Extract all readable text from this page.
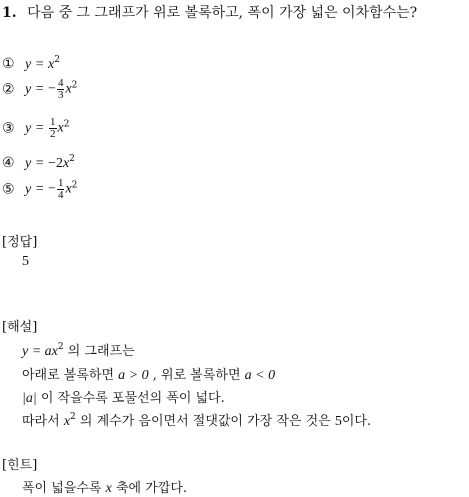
1. 다음 중 그 그래프가 위로 볼록하고, 폭이 가장 넓은 이차함수는?
① $y = x^2$
② y = − $\frac{4}{3} x^2$
③ $y = \frac{1}{2} x^2$
④ $y = -2x^2$
⑤ y = − $\frac{1}{4} x^2$
[정답]
5
[해설]
$y = ax^2$ 의 그래프는
아래로 볼록하면 a > 0 , 위로 볼록하면 a < 0
|a| 이 작을수록 포물선의 폭이 넓다.
따라서 $x^2$ 의 계수가 음이면서 절댓값이 가장 작은 것은 5이다.
[힌트]
폭이 넓을수록 x 축에 가깝다.
